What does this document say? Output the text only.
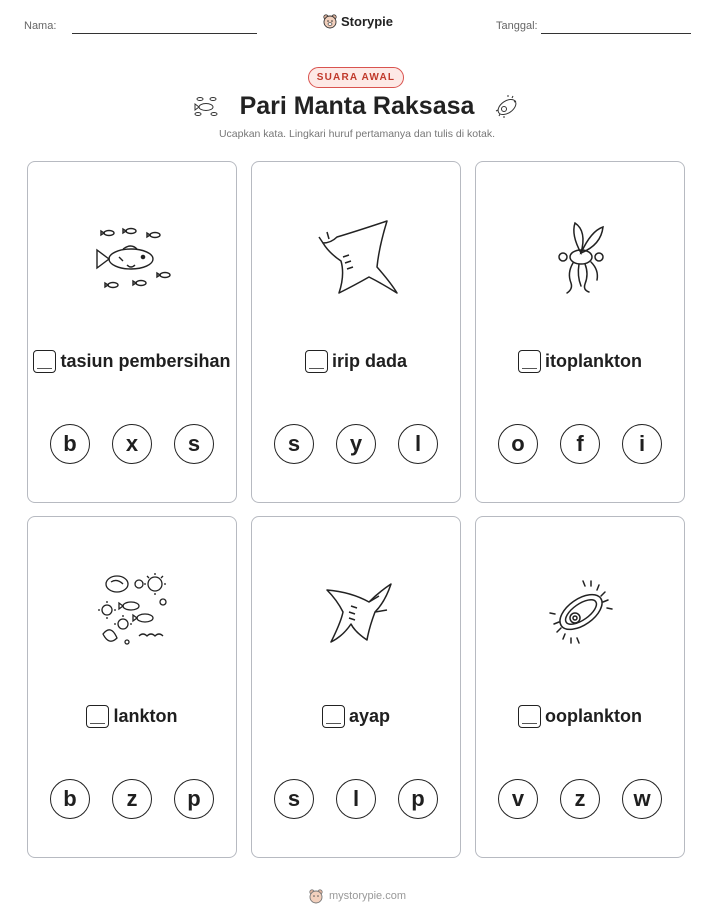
Nama:	Storypie	Tanggal:
SUARA AWAL
Pari Manta Raksasa
Ucapkan kata. Lingkari huruf pertamanya dan tulis di kotak.
tasiun pembersihan
b	x	s
irip dada
s	y	l
itoplankton
o	f	i
lankton
b	z	p
ayap
s	l	p
ooplankton
v	z	w
mystorypie.com
